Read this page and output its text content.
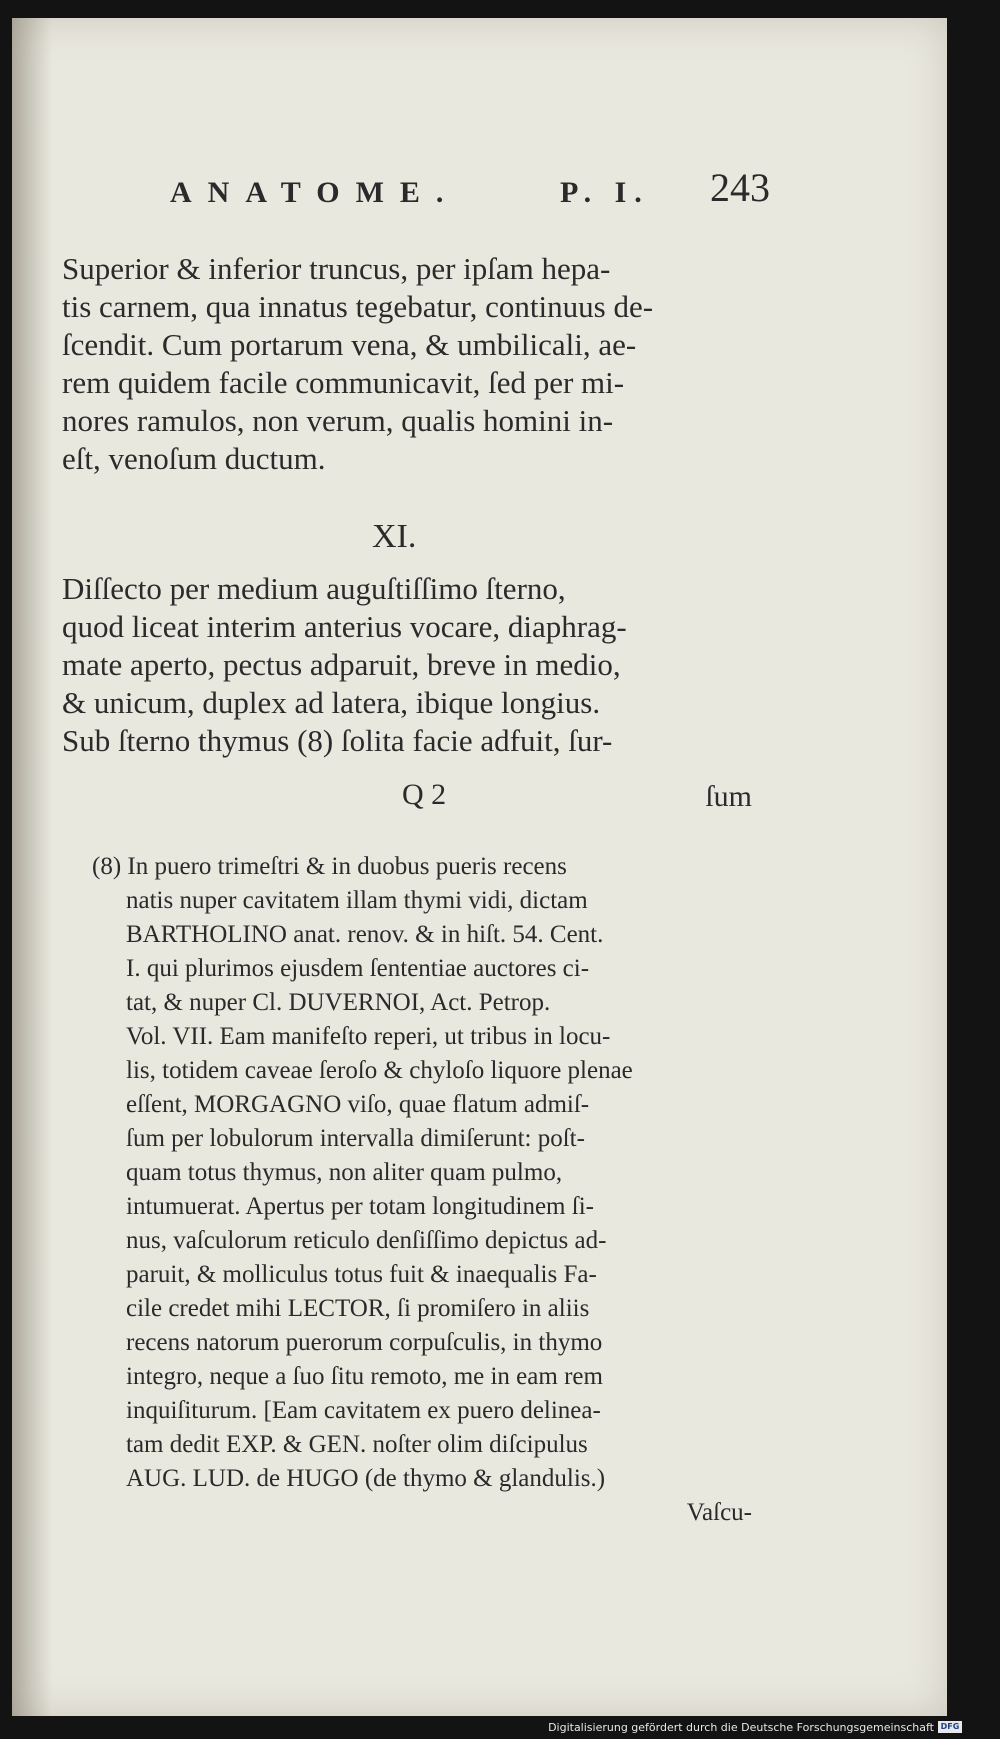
ANATOME.	P. I. 243
Superior & inferior truncus, per ipſam hepa-
tis carnem, qua innatus tegebatur, continuus de-
ſcendit. Cum portarum vena, & umbilicali, ae-
rem quidem facile communicavit, ſed per mi-
nores ramulos, non verum, qualis homini in-
eſt, venoſum ductum.
XI.
Diſſecto per medium auguſtiſſimo ſterno,
quod liceat interim anterius vocare, diaphrag-
mate aperto, pectus adparuit, breve in medio,
& unicum, duplex ad latera, ibique longius.
Sub ſterno thymus (8) ſolita facie adfuit, ſur-
Q 2	ſum
(8) In puero trimeſtri & in duobus pueris recens
natis nuper cavitatem illam thymi vidi, dictam
BARTHOLINO anat. renov. & in hiſt. 54. Cent.
I. qui plurimos ejusdem ſententiae auctores ci-
tat, & nuper Cl. DUVERNOI, Act. Petrop.
Vol. VII. Eam manifeſto reperi, ut tribus in locu-
lis, totidem caveae ſeroſo & chyloſo liquore plenae
eſſent, MORGAGNO viſo, quae flatum admiſ-
ſum per lobulorum intervalla dimiſerunt: poſt-
quam totus thymus, non aliter quam pulmo,
intumuerat. Apertus per totam longitudinem ſi-
nus, vaſculorum reticulo denſiſſimo depictus ad-
paruit, & molliculus totus fuit & inaequalis Fa-
cile credet mihi LECTOR, ſi promiſero in aliis
recens natorum puerorum corpuſculis, in thymo
integro, neque a ſuo ſitu remoto, me in eam rem
inquiſiturum. [Eam cavitatem ex puero delinea-
tam dedit EXP. & GEN. noſter olim diſcipulus
AUG. LUD. de HUGO (de thymo & glandulis.)
Vaſcu-
Digitalisierung gefördert durch die Deutsche Forschungsgemeinschaft DFG
